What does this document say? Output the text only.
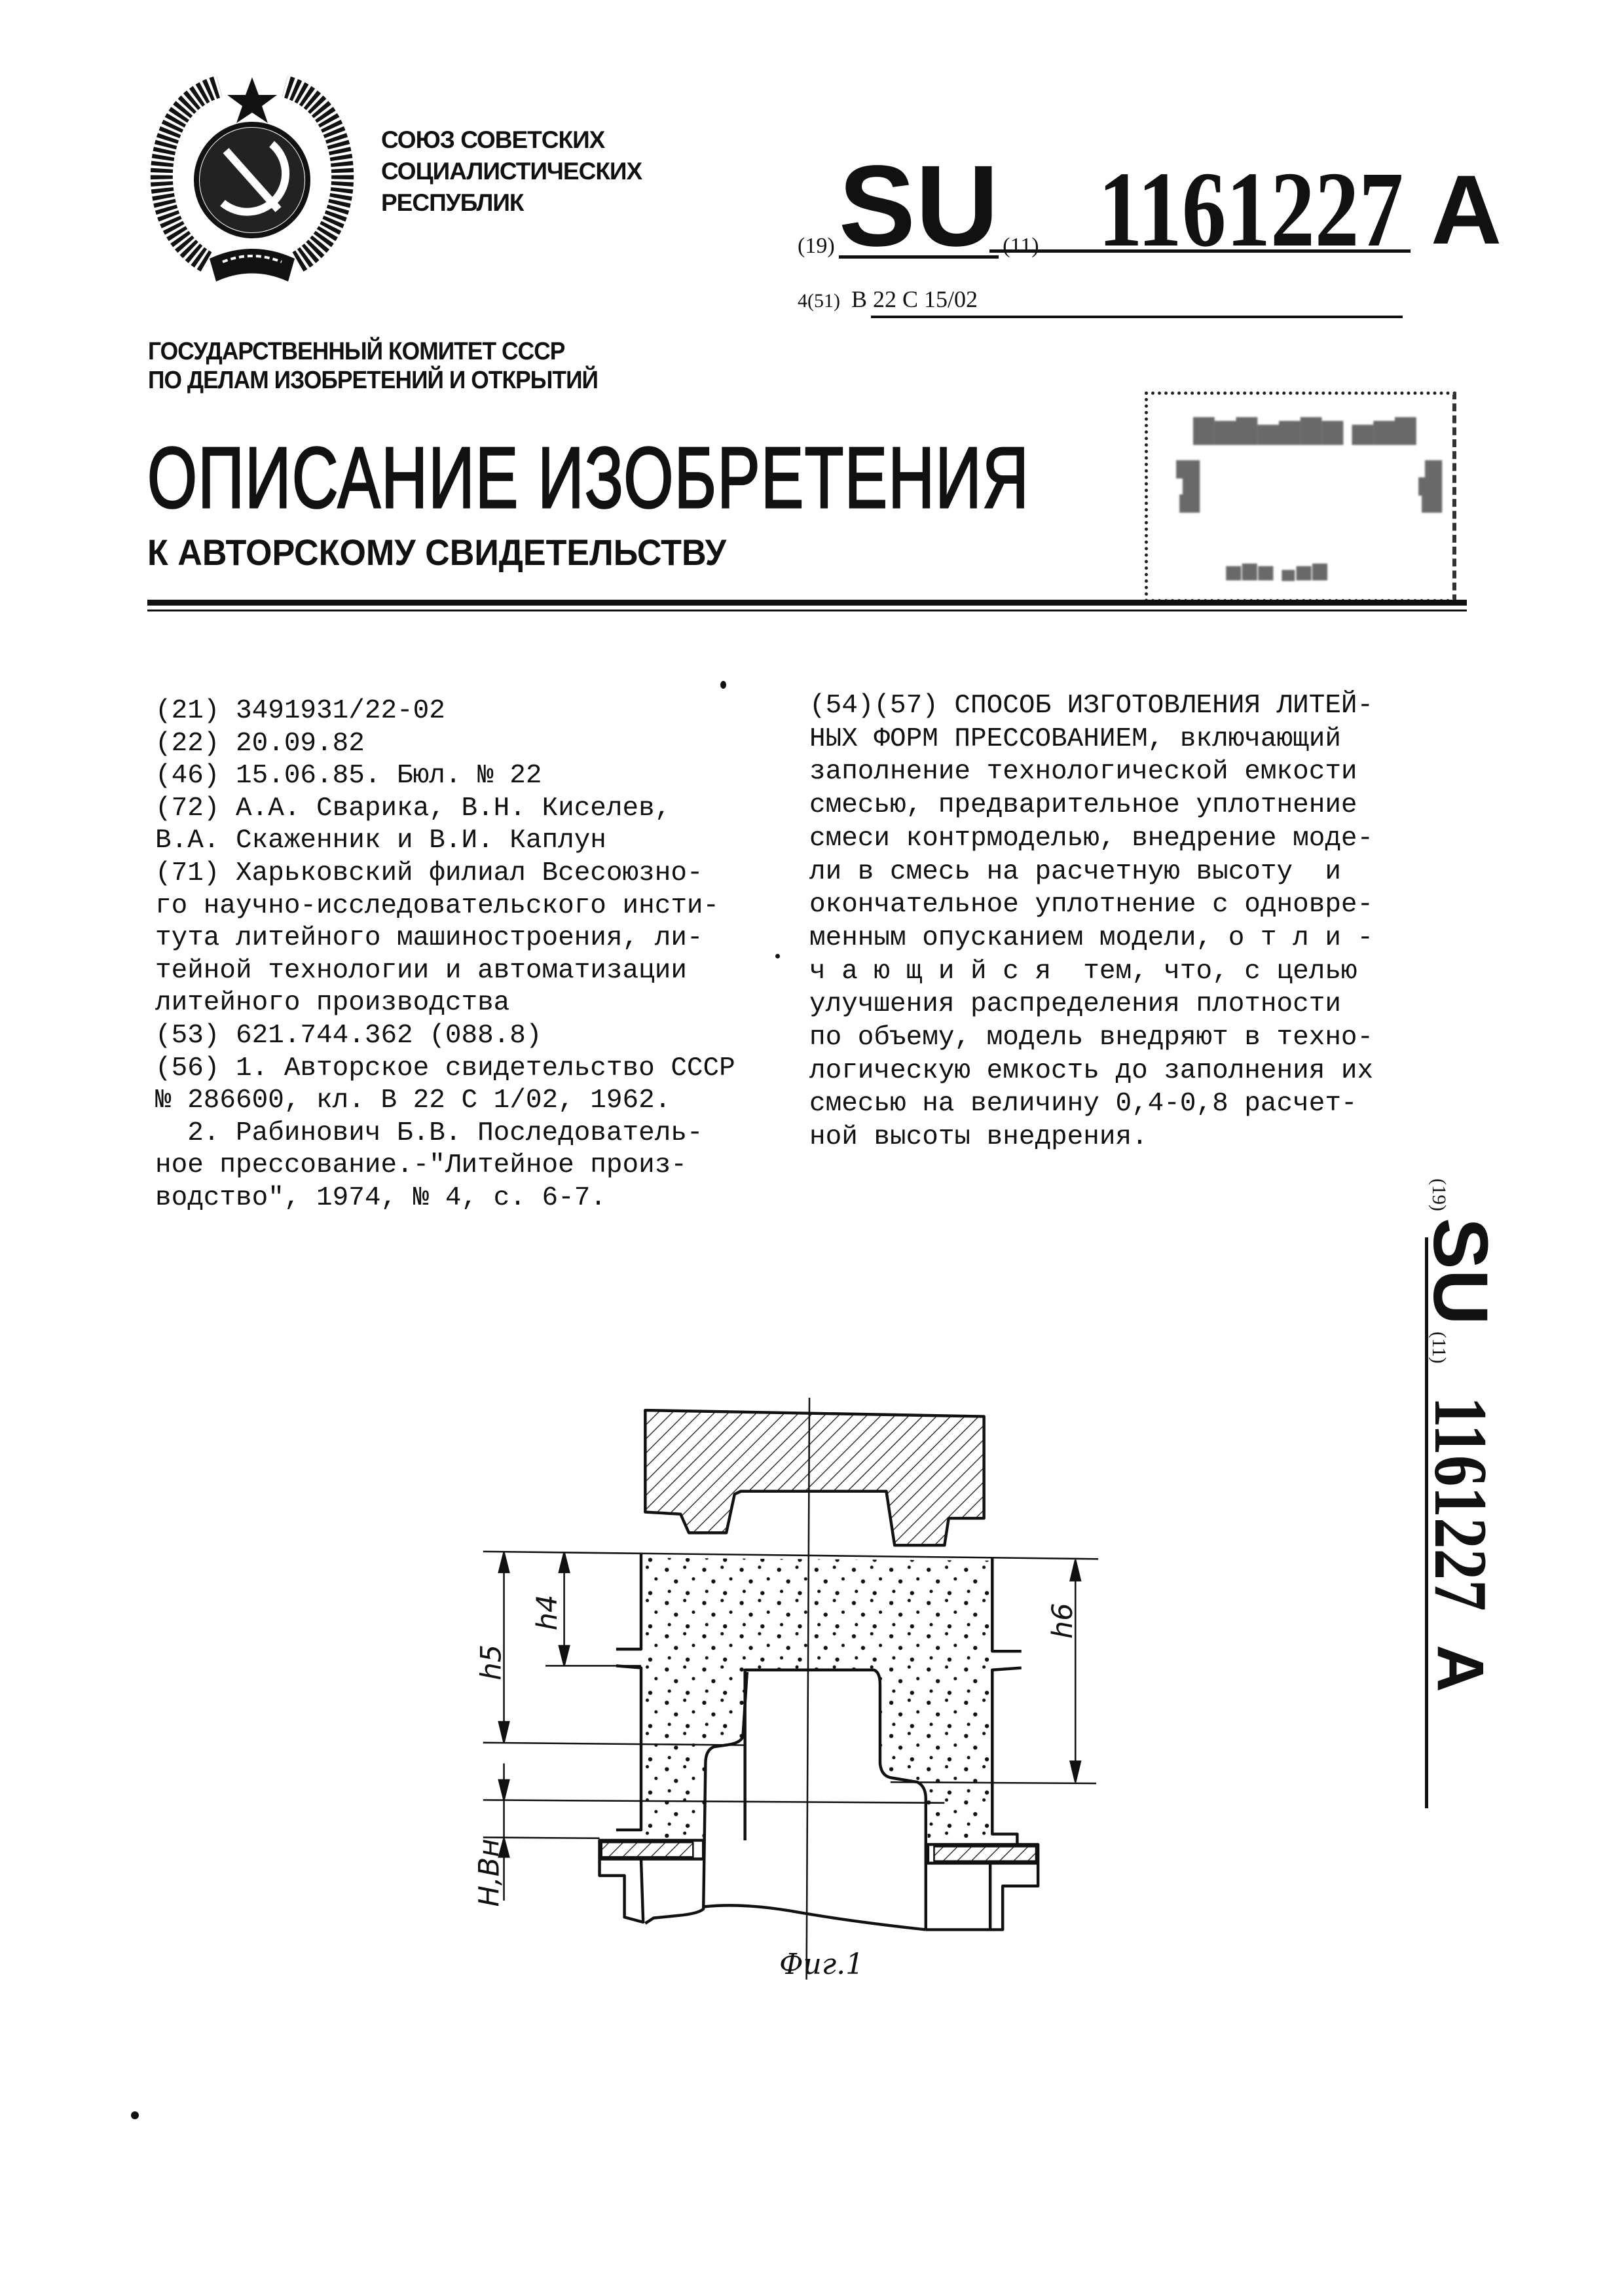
СОЮЗ СОВЕТСКИХ
СОЦИАЛИСТИЧЕСКИХ
РЕСПУБЛИК
(19) SU (11) 1161227 A
4(51) B 22 C 15/02
ГОСУДАРСТВЕННЫЙ КОМИТЕТ СССР
ПО ДЕЛАМ ИЗОБРЕТЕНИЙ И ОТКРЫТИЙ
ОПИСАНИЕ ИЗОБРЕТЕНИЯ
К АВТОРСКОМУ СВИДЕТЕЛЬСТВУ
▇▆▇▅▆▇▆ ▅▆▇
▆▅▇	▆▇▅
▅▆▅ ▄▅▆
(21) 3491931/22-02
(22) 20.09.82
(46) 15.06.85. Бюл. № 22
(72) А.А. Сварика, В.Н. Киселев,
В.А. Скаженник и В.И. Каплун
(71) Харьковский филиал Всесоюзно-
го научно-исследовательского инсти-
тута литейного машиностроения, ли-
тейной технологии и автоматизации
литейного производства
(53) 621.744.362 (088.8)
(56) 1. Авторское свидетельство СССР
№ 286600, кл. В 22 С 1/02, 1962.
2. Рабинович Б.В. Последователь-
ное прессование.-"Литейное произ-
водство", 1974, № 4, с. 6-7.
(54)(57) СПОСОБ ИЗГОТОВЛЕНИЯ ЛИТЕЙ-
НЫХ ФОРМ ПРЕССОВАНИЕМ, включающий
заполнение технологической емкости
смесью, предварительное уплотнение
смеси контрмоделью, внедрение моде-
ли в смесь на расчетную высоту  и
окончательное уплотнение с одновре-
менным опусканием модели, о т л и -
ч а ю щ и й с я  тем, что, с целью
улучшения распределения плотности
по объему, модель внедряют в техно-
логическую емкость до заполнения их
смесью на величину 0,4-0,8 расчет-
ной высоты внедрения.
(19)
SU
(11)
1161227
A
h5
h4	h6
H,Bн
Фиг.1
